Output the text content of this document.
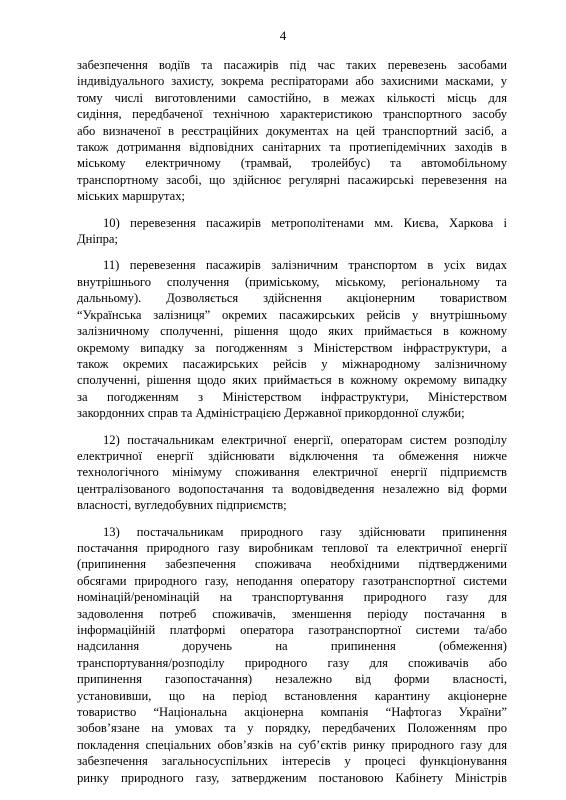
4
забезпечення водіїв та пасажирів під час таких перевезень засобами
індивідуального захисту, зокрема респіраторами або захисними масками, у
тому числі виготовленими самостійно, в межах кількості місць для
сидіння, передбаченої технічною характеристикою транспортного засобу
або визначеної в реєстраційних документах на цей транспортний засіб, а
також дотримання відповідних санітарних та протиепідемічних заходів в
міському електричному (трамвай, тролейбус) та автомобільному
транспортному засобі, що здійснює регулярні пасажирські перевезення на
міських маршрутах;
10) перевезення пасажирів метрополітенами мм. Києва, Харкова і
Дніпра;
11) перевезення пасажирів залізничним транспортом в усіх видах
внутрішнього сполучення (приміському, міському, регіональному та
дальньому). Дозволяється здійснення акціонерним товариством
“Українська залізниця” окремих пасажирських рейсів у внутрішньому
залізничному сполученні, рішення щодо яких приймається в кожному
окремому випадку за погодженням з Міністерством інфраструктури, а
також окремих пасажирських рейсів у міжнародному залізничному
сполученні, рішення щодо яких приймається в кожному окремому випадку
за погодженням з Міністерством інфраструктури, Міністерством
закордонних справ та Адміністрацією Державної прикордонної служби;
12) постачальникам електричної енергії, операторам систем розподілу
електричної енергії здійснювати відключення та обмеження нижче
технологічного мінімуму споживання електричної енергії підприємств
централізованого водопостачання та водовідведення незалежно від форми
власності, вугледобувних підприємств;
13) постачальникам природного газу здійснювати припинення
постачання природного газу виробникам теплової та електричної енергії
(припинення забезпечення споживача необхідними підтвердженими
обсягами природного газу, неподання оператору газотранспортної системи
номінацій/реномінацій на транспортування природного газу для
задоволення потреб споживачів, зменшення періоду постачання в
інформаційній платформі оператора газотранспортної системи та/або
надсилання доручень на припинення (обмеження)
транспортування/розподілу природного газу для споживачів або
припинення газопостачання) незалежно від форми власності,
установивши, що на період встановлення карантину акціонерне
товариство “Національна акціонерна компанія “Нафтогаз України”
зобов’язане на умовах та у порядку, передбачених Положенням про
покладення спеціальних обов’язків на суб’єктів ринку природного газу для
забезпечення загальносуспільних інтересів у процесі функціонування
ринку природного газу, затвердженим постановою Кабінету Міністрів
